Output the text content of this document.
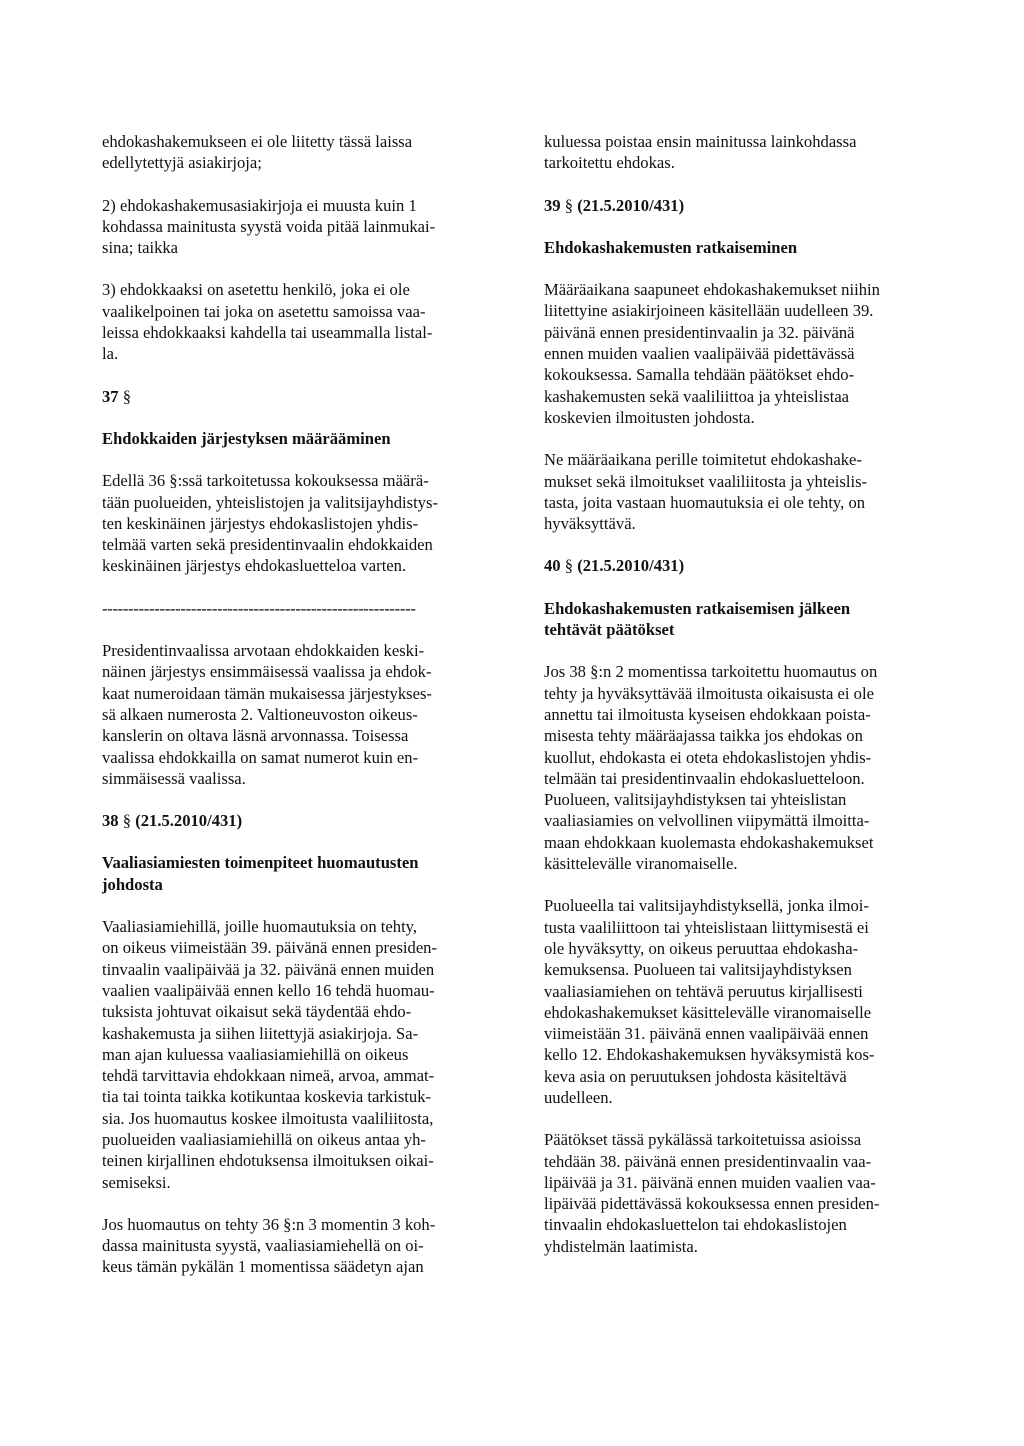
ehdokashakemukseen ei ole liitetty tässä laissa
edellytettyjä asiakirjoja;

2) ehdokashakemusasiakirjoja ei muusta kuin 1
kohdassa mainitusta syystä voida pitää lainmukai-
sina; taikka

3) ehdokkaaksi on asetettu henkilö, joka ei ole
vaalikelpoinen tai joka on asetettu samoissa vaa-
leissa ehdokkaaksi kahdella tai useammalla listal-
la.

37 §

Ehdokkaiden järjestyksen määrääminen

Edellä 36 §:ssä tarkoitetussa kokouksessa määrä-
tään puolueiden, yhteislistojen ja valitsijayhdistys-
ten keskinäinen järjestys ehdokaslistojen yhdis-
telmää varten sekä presidentinvaalin ehdokkaiden
keskinäinen järjestys ehdokasluetteloa varten.

------------------------------------------------------------

Presidentinvaalissa arvotaan ehdokkaiden keski-
näinen järjestys ensimmäisessä vaalissa ja ehdok-
kaat numeroidaan tämän mukaisessa järjestykses-
sä alkaen numerosta 2. Valtioneuvoston oikeus-
kanslerin on oltava läsnä arvonnassa. Toisessa
vaalissa ehdokkailla on samat numerot kuin en-
simmäisessä vaalissa.

38 § (21.5.2010/431)

Vaaliasiamiesten toimenpiteet huomautusten
johdosta

Vaaliasiamiehillä, joille huomautuksia on tehty,
on oikeus viimeistään 39. päivänä ennen presiden-
tinvaalin vaalipäivää ja 32. päivänä ennen muiden
vaalien vaalipäivää ennen kello 16 tehdä huomau-
tuksista johtuvat oikaisut sekä täydentää ehdo-
kashakemusta ja siihen liitettyjä asiakirjoja. Sa-
man ajan kuluessa vaaliasiamiehillä on oikeus
tehdä tarvittavia ehdokkaan nimeä, arvoa, ammat-
tia tai tointa taikka kotikuntaa koskevia tarkistuk-
sia. Jos huomautus koskee ilmoitusta vaaliliitosta,
puolueiden vaaliasiamiehillä on oikeus antaa yh-
teinen kirjallinen ehdotuksensa ilmoituksen oikai-
semiseksi.

Jos huomautus on tehty 36 §:n 3 momentin 3 koh-
dassa mainitusta syystä, vaaliasiamiehellä on oi-
keus tämän pykälän 1 momentissa säädetyn ajan

kuluessa poistaa ensin mainitussa lainkohdassa
tarkoitettu ehdokas.

39 § (21.5.2010/431)

Ehdokashakemusten ratkaiseminen

Määräaikana saapuneet ehdokashakemukset niihin
liitettyine asiakirjoineen käsitellään uudelleen 39.
päivänä ennen presidentinvaalin ja 32. päivänä
ennen muiden vaalien vaalipäivää pidettävässä
kokouksessa. Samalla tehdään päätökset ehdo-
kashakemusten sekä vaaliliittoa ja yhteislistaa
koskevien ilmoitusten johdosta.

Ne määräaikana perille toimitetut ehdokashake-
mukset sekä ilmoitukset vaaliliitosta ja yhteislis-
tasta, joita vastaan huomautuksia ei ole tehty, on
hyväksyttävä.

40 § (21.5.2010/431)

Ehdokashakemusten ratkaisemisen jälkeen
tehtävät päätökset

Jos 38 §:n 2 momentissa tarkoitettu huomautus on
tehty ja hyväksyttävää ilmoitusta oikaisusta ei ole
annettu tai ilmoitusta kyseisen ehdokkaan poista-
misesta tehty määräajassa taikka jos ehdokas on
kuollut, ehdokasta ei oteta ehdokaslistojen yhdis-
telmään tai presidentinvaalin ehdokasluetteloon.
Puolueen, valitsijayhdistyksen tai yhteislistan
vaaliasiamies on velvollinen viipymättä ilmoitta-
maan ehdokkaan kuolemasta ehdokashakemukset
käsittelevälle viranomaiselle.

Puolueella tai valitsijayhdistyksellä, jonka ilmoi-
tusta vaaliliittoon tai yhteislistaan liittymisestä ei
ole hyväksytty, on oikeus peruuttaa ehdokasha-
kemuksensa. Puolueen tai valitsijayhdistyksen
vaaliasiamiehen on tehtävä peruutus kirjallisesti
ehdokashakemukset käsittelevälle viranomaiselle
viimeistään 31. päivänä ennen vaalipäivää ennen
kello 12. Ehdokashakemuksen hyväksymistä kos-
keva asia on peruutuksen johdosta käsiteltävä
uudelleen.

Päätökset tässä pykälässä tarkoitetuissa asioissa
tehdään 38. päivänä ennen presidentinvaalin vaa-
lipäivää ja 31. päivänä ennen muiden vaalien vaa-
lipäivää pidettävässä kokouksessa ennen presiden-
tinvaalin ehdokasluettelon tai ehdokaslistojen
yhdistelmän laatimista.
